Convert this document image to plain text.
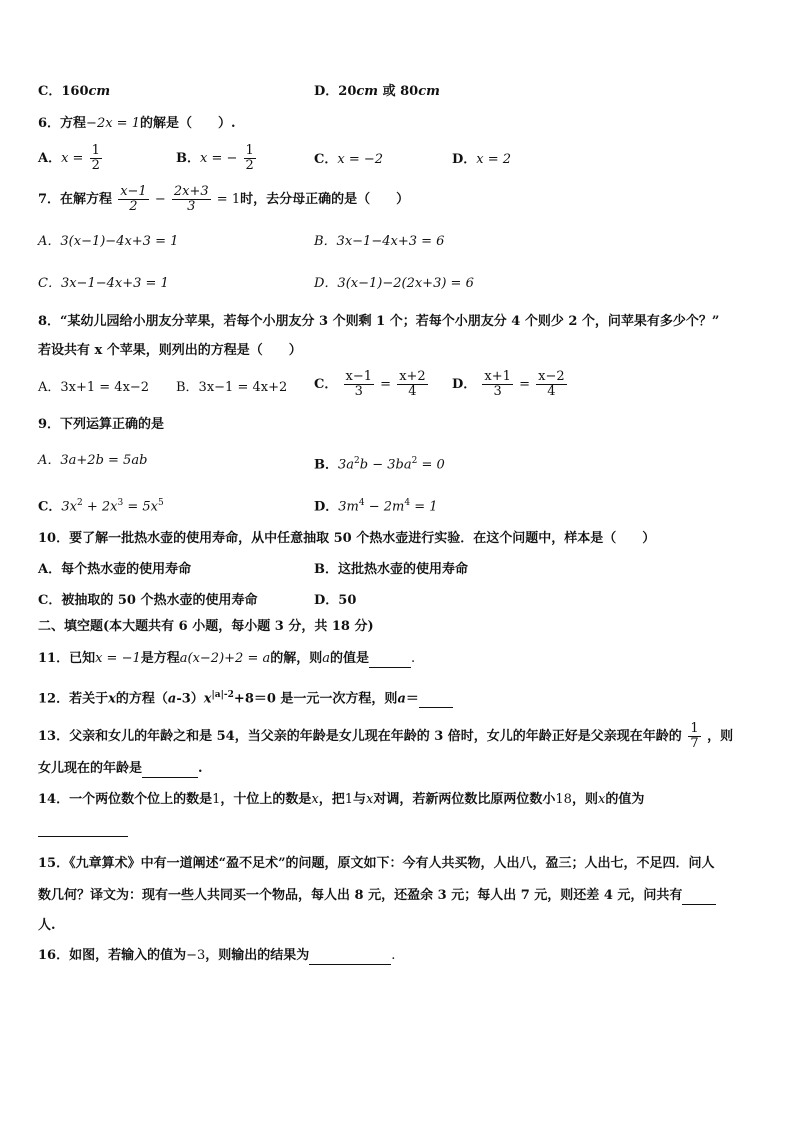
C．160cm	D．20cm 或 80cm
6．方程−2x = 1的解是（　　）.
A．$x = \frac{1}{2}$	B．x = − $\frac{1}{2}$	C．x = −2	D．x = 2
7．在解方程 $\frac{x-1}{2} - \frac{2x+3}{3} = 1$时，去分母正确的是（　　）
A．3(x−1)−4x+3 = 1	B．3x−1−4x+3 = 6
C．3x−1−4x+3 = 1	D．3(x−1)−2(2x+3) = 6
8．“某幼儿园给小朋友分苹果，若每个小朋友分 3 个则剩 1 个；若每个小朋友分 4 个则少 2 个，问苹果有多少个？”
若设共有 x 个苹果，则列出的方程是（　　）
A．3x+1 = 4x−2 B．3x−1 = 4x+2 C． $\frac{x-1}{3} = \frac{x+2}{4}$ D． $\frac{x+1}{3} = \frac{x-2}{4}$
9．下列运算正确的是
A．3a+2b = 5ab	B．$3a^2b - 3ba^2 = 0$
C．$3x^2 + 2x^3 = 5x^5$	D．$3m^4 - 2m^4 = 1$
10．要了解一批热水壶的使用寿命，从中任意抽取 50 个热水壶进行实验．在这个问题中，样本是（　　）
A．每个热水壶的使用寿命	B．这批热水壶的使用寿命
C．被抽取的 50 个热水壶的使用寿命	D．50
二、填空题(本大题共有 6 小题，每小题 3 分，共 18 分)
11．已知x = −1是方程a(x−2)+2 = a的解，则a的值是	.
12．若关于x的方程$(a-3)x^{|a|-2}+8=0$ 是一元一次方程，则a＝
13．父亲和女儿的年龄之和是 54，当父亲的年龄是女儿现在年龄的 3 倍时，女儿的年龄正好是父亲现在年龄的 $\frac{1}{7}$ ，则
女儿现在的年龄是	.
14．一个两位数个位上的数是1，十位上的数是x，把1与x对调，若新两位数比原两位数小18，则x的值为
15．《九章算术》中有一道阐述“盈不足术”的问题，原文如下：今有人共买物，人出八，盈三；人出七，不足四．问人
数几何？译文为：现有一些人共同买一个物品，每人出 8 元，还盈余 3 元；每人出 7 元，则还差 4 元，问共有
人.
16．如图，若输入的值为−3，则输出的结果为	.
